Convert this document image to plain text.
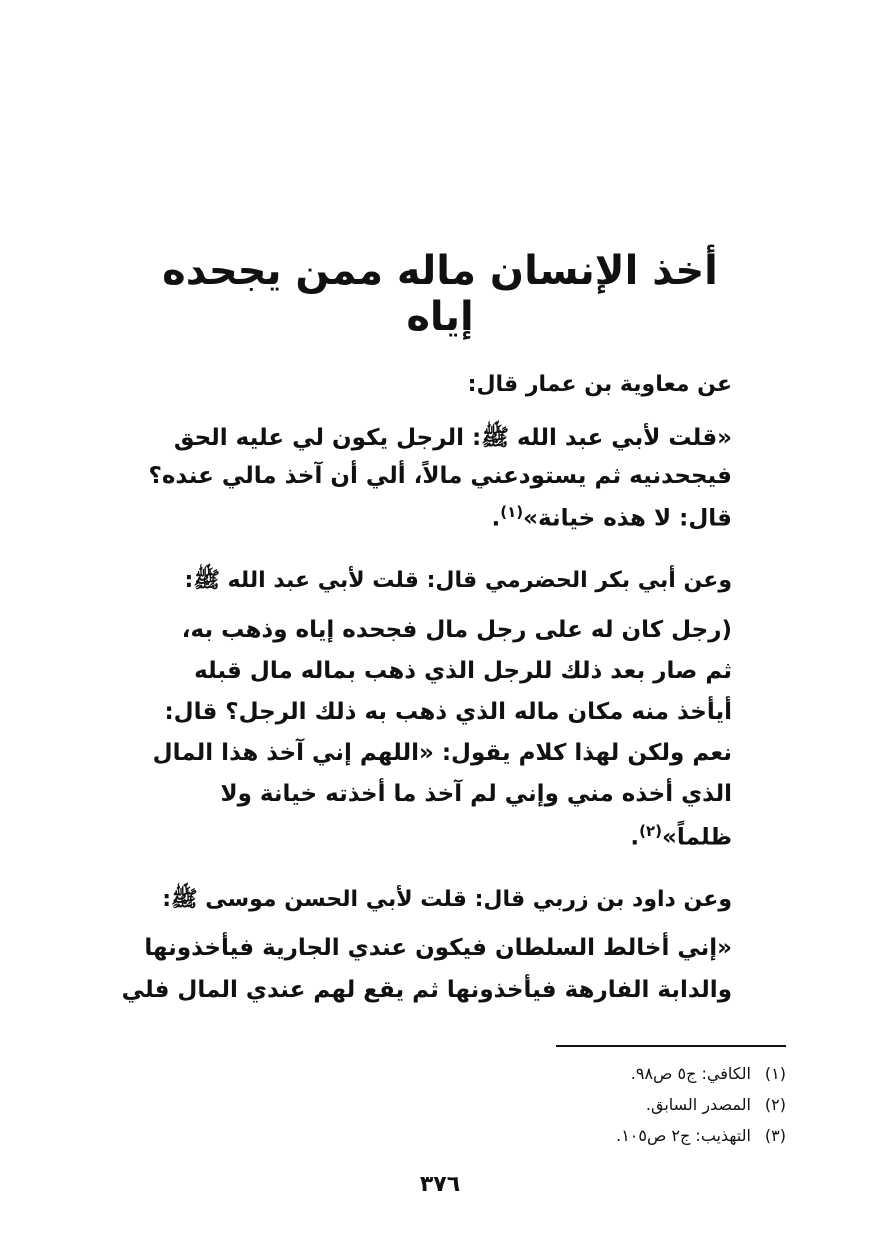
أخذ الإنسان ماله ممن يجحده إياه
عن معاوية بن عمار قال:
«قلت لأبي عبد الله ﷺ: الرجل يكون لي عليه الحق
فيجحدنيه ثم يستودعني مالاً، ألي أن آخذ مالي عنده؟
قال: لا هذه خيانة»$^{(١)}$.
وعن أبي بكر الحضرمي قال: قلت لأبي عبد الله ﷺ:
(رجل كان له على رجل مال فجحده إياه وذهب به،
ثم صار بعد ذلك للرجل الذي ذهب بماله مال قبله
أيأخذ منه مكان ماله الذي ذهب به ذلك الرجل؟ قال:
نعم ولكن لهذا كلام يقول: «اللهم إني آخذ هذا المال
الذي أخذه مني وإني لم آخذ ما أخذته خيانة ولا
ظلماً»$^{(٢)}$.
وعن داود بن زربي قال: قلت لأبي الحسن موسى ﷺ:
«إني أخالط السلطان فيكون عندي الجارية فيأخذونها
والدابة الفارهة فيأخذونها ثم يقع لهم عندي المال فلي
(١)الكافي: ج٥ ص٩٨.
(٢)المصدر السابق.
(٣)التهذيب: ج٢ ص١٠٥.
٣٧٦
